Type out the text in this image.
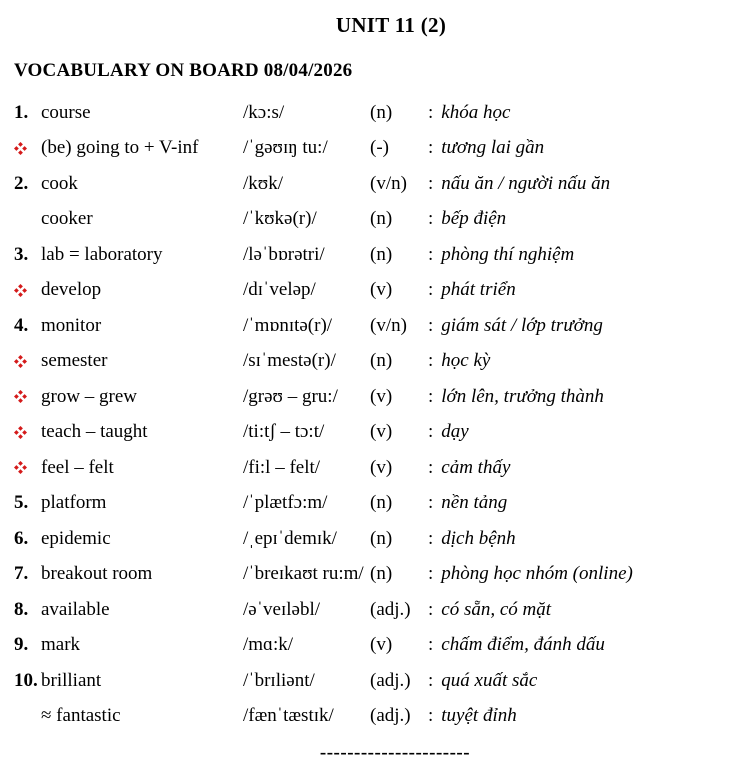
UNIT 11 (2)
VOCABULARY ON BOARD 08/04/2026
1. course	/kɔ:s/	(n) : khóa học
(be) going to + V-inf	/ˈgəʊɪŋ tu:/	(-) : tương lai gần
2. cook	/kʊk/	(v/n) : nấu ăn / người nấu ăn
cooker	/ˈkʊkə(r)/	(n) : bếp điện
3. lab = laboratory	/ləˈbɒrətri/	(n) : phòng thí nghiệm
develop	/dɪˈveləp/	(v) : phát triển
4. monitor	/ˈmɒnɪtə(r)/	(v/n) : giám sát / lớp trưởng
semester	/sɪˈmestə(r)/	(n) : học kỳ
grow – grew	/grəʊ – gru:/	(v) : lớn lên, trưởng thành
teach – taught	/ti:tʃ – tɔ:t/	(v) : dạy
feel – felt	/fi:l – felt/	(v) : cảm thấy
5. platform	/ˈplætfɔ:m/	(n) : nền tảng
6. epidemic	/ˌepɪˈdemɪk/	(n) : dịch bệnh
7. breakout room	/ˈbreɪkaʊt ru:m/ (n) : phòng học nhóm (online)
8. available	/əˈveɪləbl/	(adj.) : có sẵn, có mặt
9. mark	/mɑ:k/	(v) : chấm điểm, đánh dấu
10. brilliant	/ˈbrɪliənt/	(adj.) : quá xuất sắc
≈ fantastic	/fænˈtæstɪk/	(adj.) : tuyệt đỉnh
----------------------
